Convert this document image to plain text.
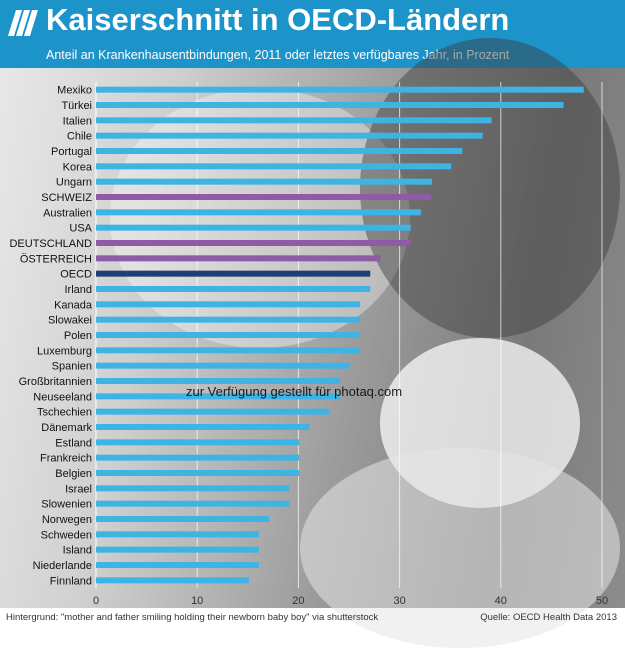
Kaiserschnitt in OECD-Ländern
Anteil an Krankenhausentbindungen, 2011 oder letztes verfügbares Jahr, in Prozent
Mexiko
Türkei
Italien
Chile
Portugal
Korea
Ungarn
SCHWEIZ
Australien
USA
DEUTSCHLAND
ÖSTERREICH
OECD
Irland
Kanada
Slowakei
Polen
Luxemburg
Spanien
Großbritannien
Neuseeland
Tschechien
Dänemark
Estland
Frankreich
Belgien
Israel
Slowenien
Norwegen
Schweden
Island
Niederlande
Finnland
0	10	20	30	40	50
zur Verfügung gestellt für photaq.com
Hintergrund: "mother and father smiling holding their newborn baby boy" via shutterstock	Quelle: OECD Health Data 2013
